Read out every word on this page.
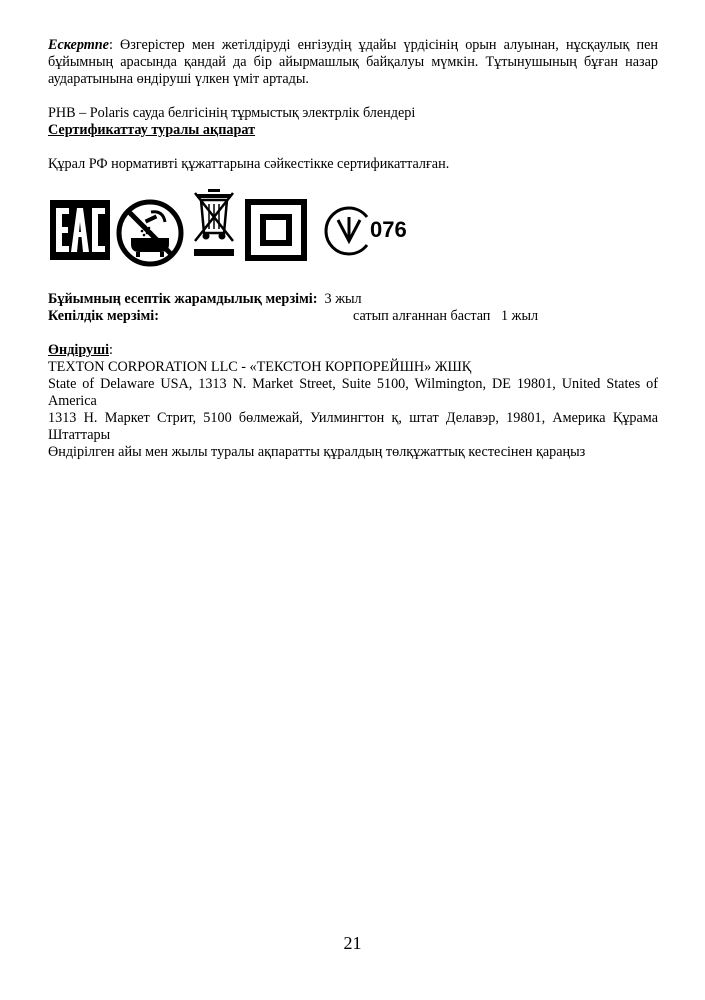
Ескертпе: Өзгерістер мен жетілдіруді енгізудің ұдайы үрдісінің орын алуынан, нұсқаулық пен бұйымның арасында қандай да бір айырмашлық байқалуы мүмкін. Тұтынушының бұған назар аударатынына өндіруші үлкен үміт артады.

PHB – Polaris сауда белгісінің тұрмыстық электрлік блендері

Сертификаттау туралы ақпарат

Құрал РФ нормативті құжаттарына сәйкестікке сертификатталған.

076
Бұйымның есептік жарамдылық мерзімі:  3 жыл
Кепілдік мерзімі:	сатып алғаннан бастап   1 жыл

Өндіруші:

TEXTON CORPORATION LLC - «ТЕКСТОН КОРПОРЕЙШН» ЖШҚ

State of Delaware USA, 1313 N. Market Street, Suite 5100, Wilmington, DE 19801, United States of America

1313 Н. Маркет Стрит, 5100 бөлмежай, Уилмингтон қ, штат Делавэр, 19801, Америка Құрама Штаттары

Өндірілген айы мен жылы туралы ақпаратты құралдың төлқұжаттық кестесінен қараңыз

21
